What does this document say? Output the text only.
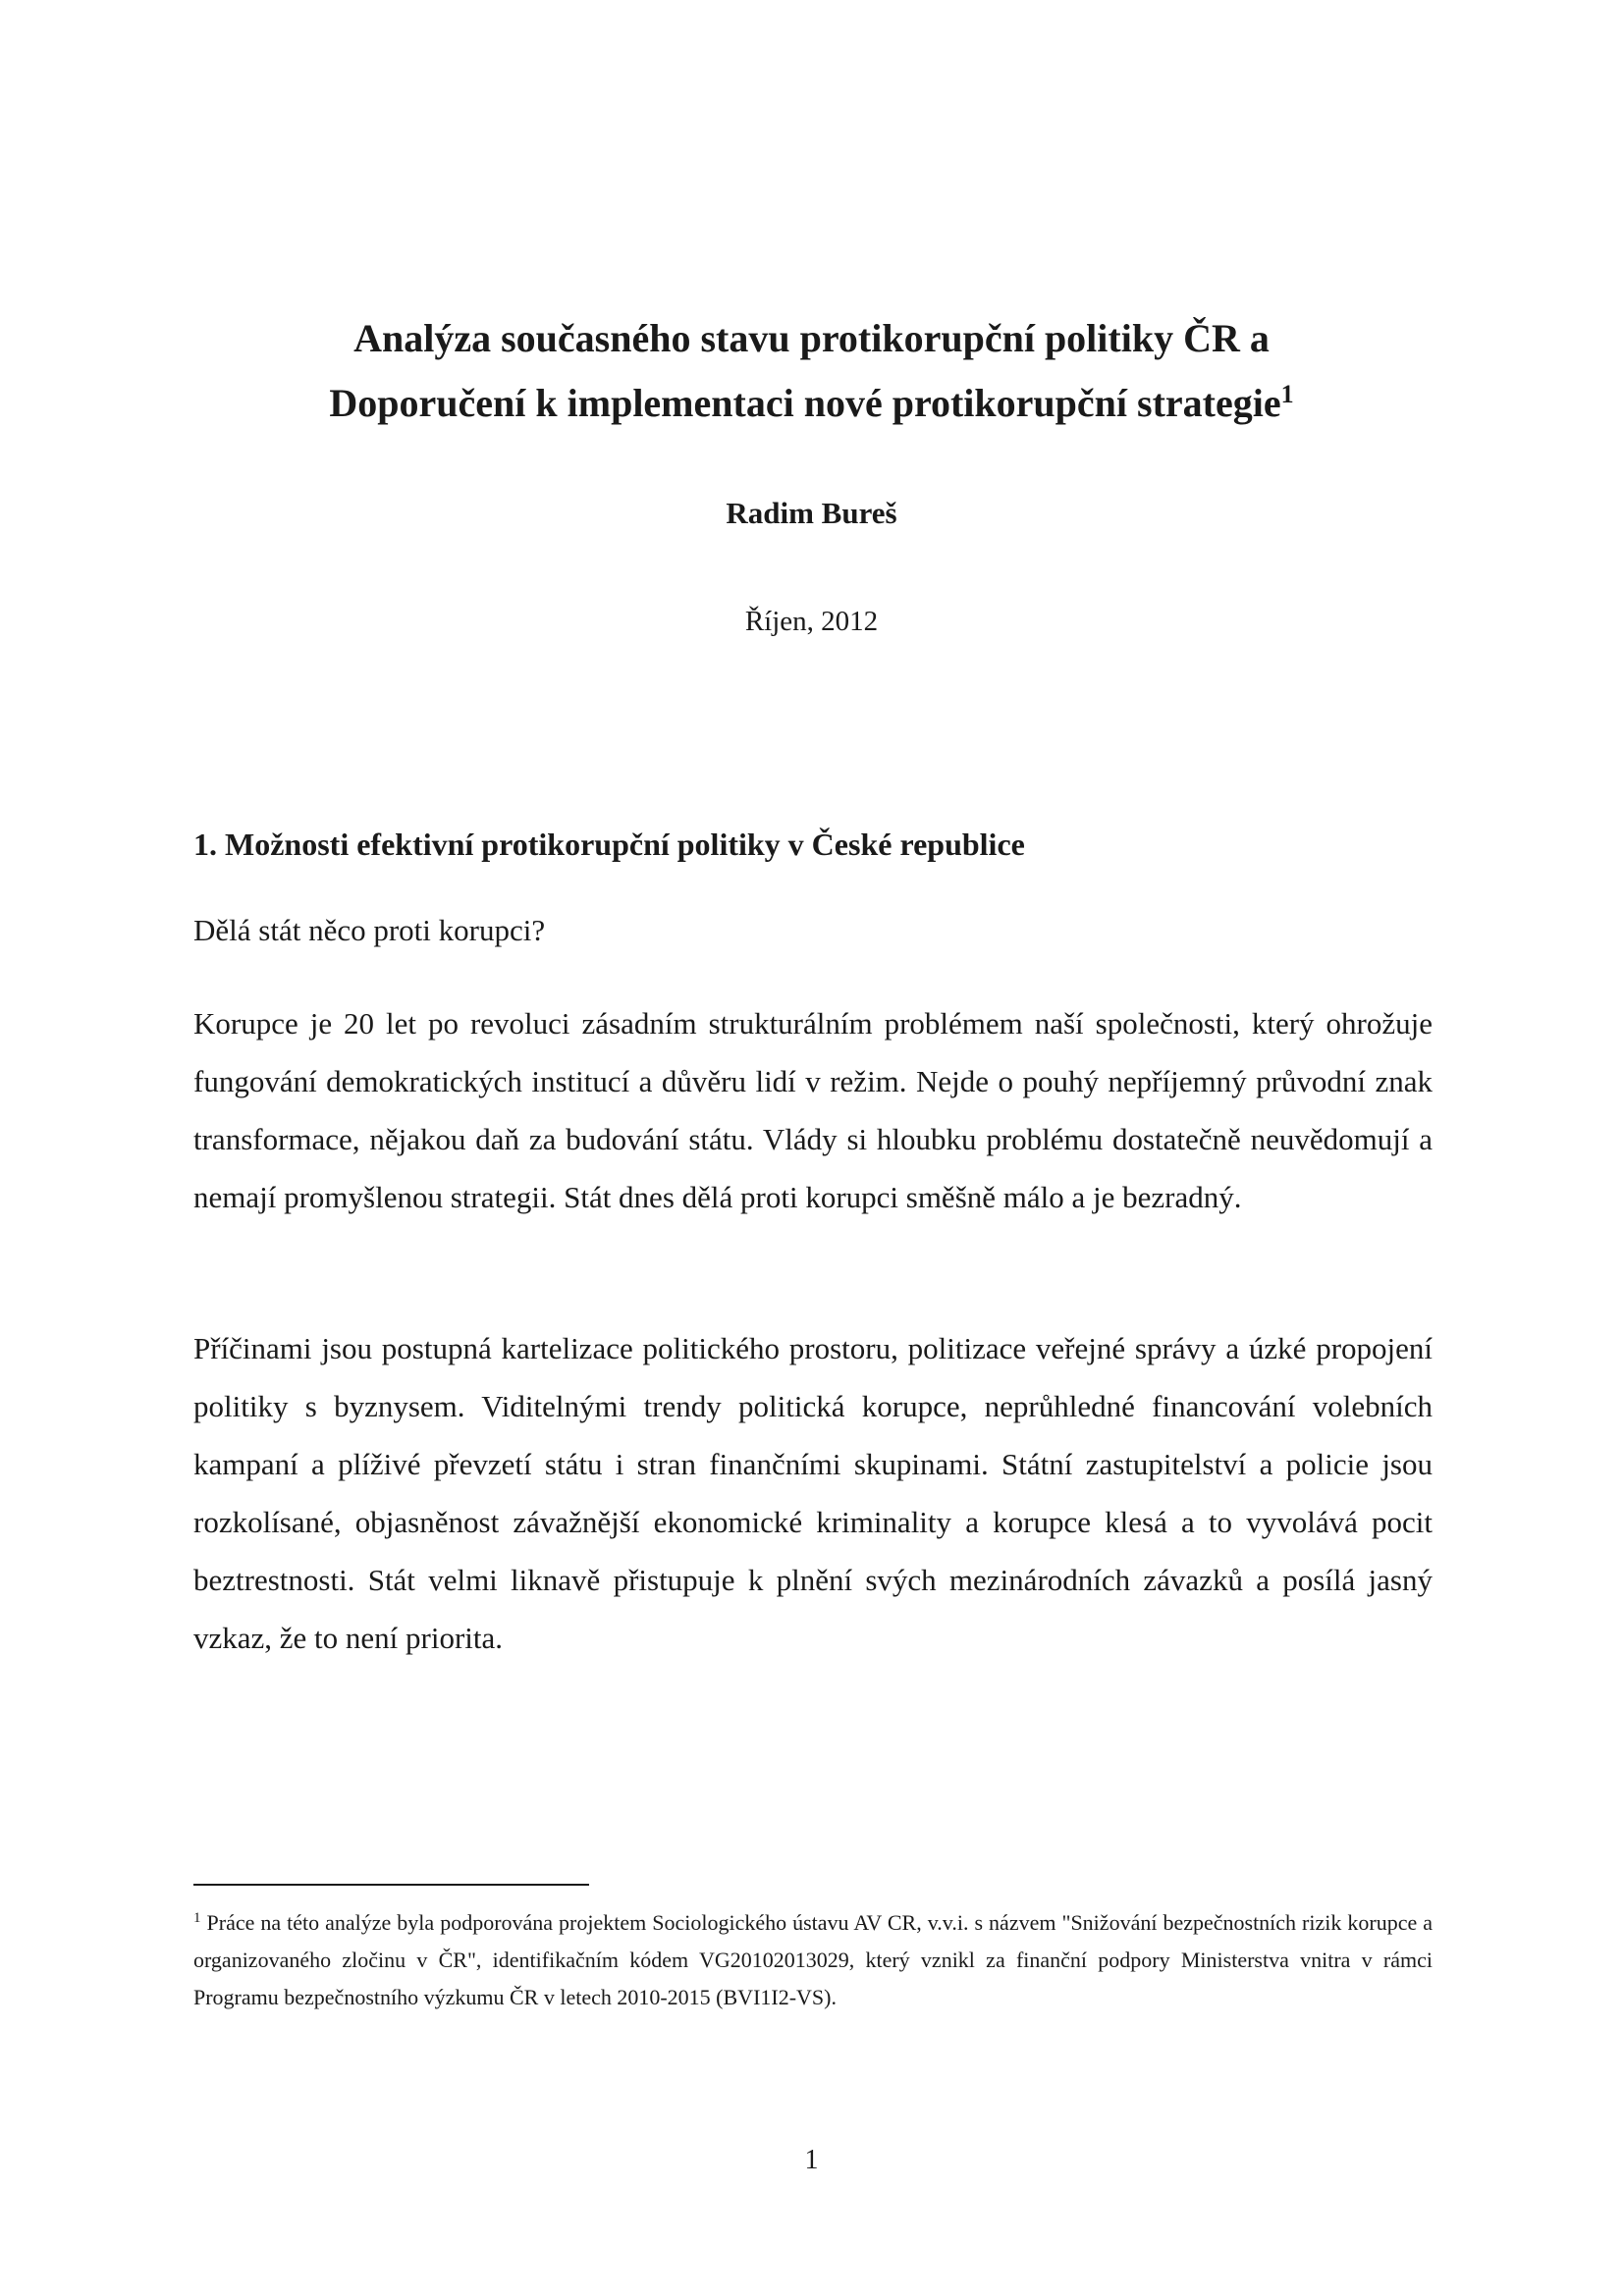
Analýza současného stavu protikorupční politiky ČR a
Doporučení k implementaci nové protikorupční strategie$^1$
Radim Bureš
Říjen, 2012
1. Možnosti efektivní protikorupční politiky v České republice

Dělá stát něco proti korupci?

Korupce je 20 let po revoluci zásadním strukturálním problémem naší společnosti, který ohrožuje fungování demokratických institucí a důvěru lidí v režim. Nejde o pouhý nepříjemný průvodní znak transformace, nějakou daň za budování státu. Vlády si hloubku problému dostatečně neuvědomují a nemají promyšlenou strategii. Stát dnes dělá proti korupci směšně málo a je bezradný.

Příčinami jsou postupná kartelizace politického prostoru, politizace veřejné správy a úzké propojení politiky s byznysem. Viditelnými trendy politická korupce, neprůhledné financování volebních kampaní a plíživé převzetí státu i stran finančními skupinami. Státní zastupitelství a policie jsou rozkolísané, objasněnost závažnější ekonomické kriminality a korupce klesá a to vyvolává pocit beztrestnosti. Stát velmi liknavě přistupuje k plnění svých mezinárodních závazků a posílá jasný vzkaz, že to není priorita.

$^1$ Práce na této analýze byla podporována projektem Sociologického ústavu AV CR, v.v.i. s názvem "Snižování bezpečnostních rizik korupce a organizovaného zločinu v ČR", identifikačním kódem VG20102013029, který vznikl za finanční podpory Ministerstva vnitra v rámci Programu bezpečnostního výzkumu ČR v letech 2010-2015 (BVI1I2-VS).

1
